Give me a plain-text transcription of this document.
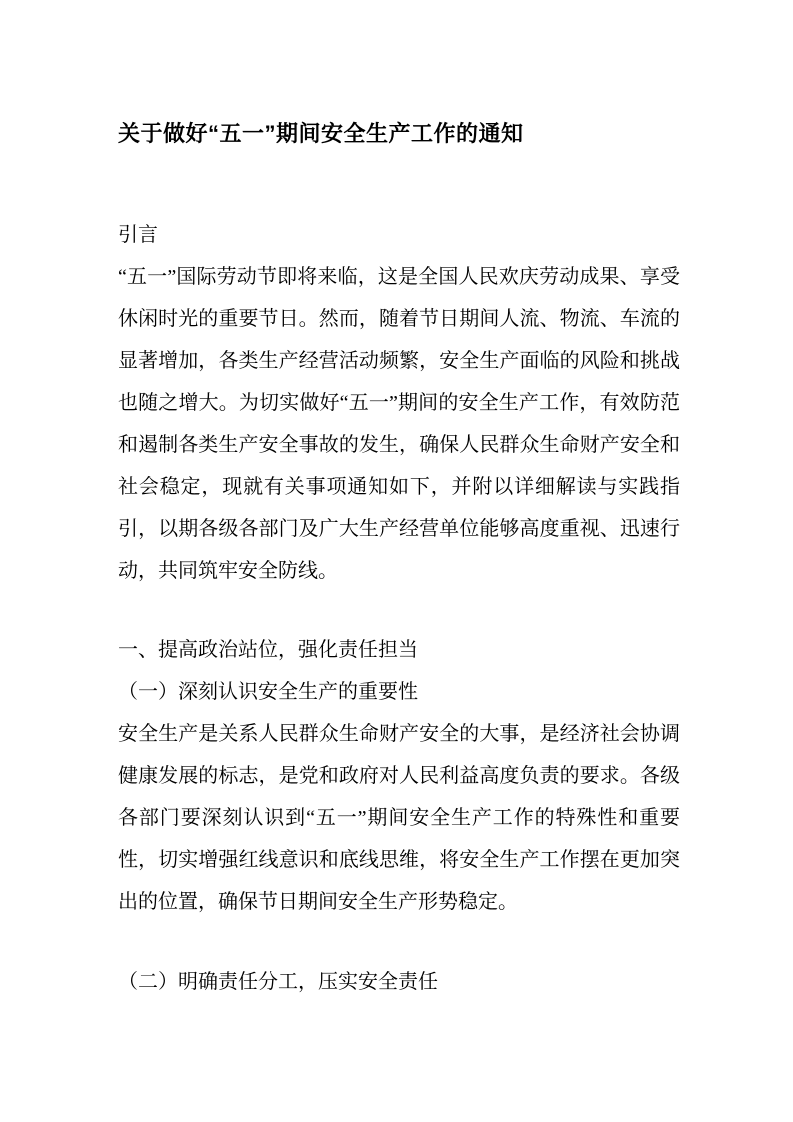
关于做好“五一”期间安全生产工作的通知

引言

“五一”国际劳动节即将来临，这是全国人民欢庆劳动成果、享受休闲时光的重要节日。然而，随着节日期间人流、物流、车流的显著增加，各类生产经营活动频繁，安全生产面临的风险和挑战也随之增大。为切实做好“五一”期间的安全生产工作，有效防范和遏制各类生产安全事故的发生，确保人民群众生命财产安全和社会稳定，现就有关事项通知如下，并附以详细解读与实践指引，以期各级各部门及广大生产经营单位能够高度重视、迅速行动，共同筑牢安全防线。

一、提高政治站位，强化责任担当

（一）深刻认识安全生产的重要性

安全生产是关系人民群众生命财产安全的大事，是经济社会协调健康发展的标志，是党和政府对人民利益高度负责的要求。各级各部门要深刻认识到“五一”期间安全生产工作的特殊性和重要性，切实增强红线意识和底线思维，将安全生产工作摆在更加突出的位置，确保节日期间安全生产形势稳定。

（二）明确责任分工，压实安全责任
